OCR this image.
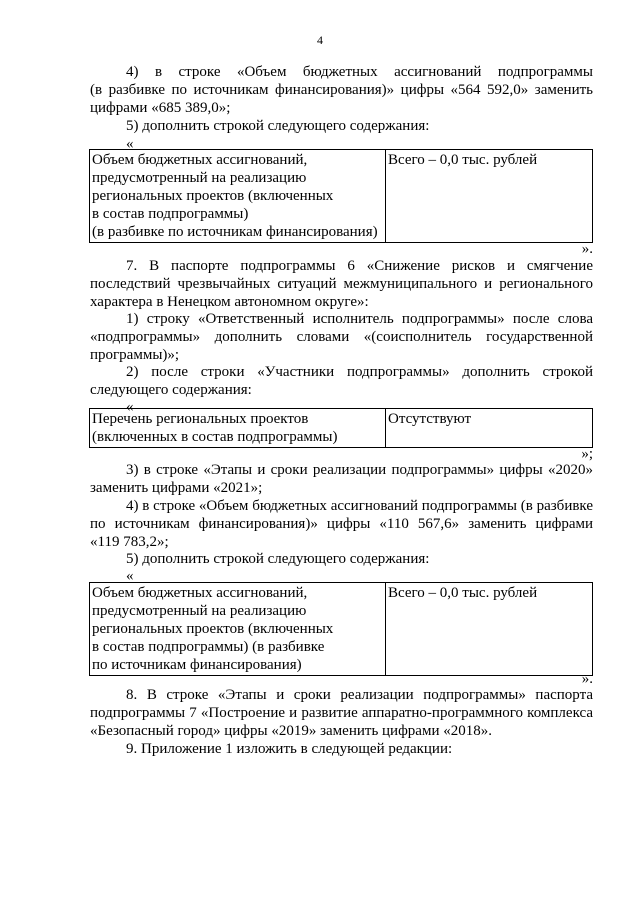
4
4) в строке «Объем бюджетных ассигнований подпрограммы
(в разбивке по источникам финансирования)» цифры «564 592,0» заменить
цифрами «685 389,0»;
5) дополнить строкой следующего содержания:
«
Объем бюджетных ассигнований,
предусмотренный на реализацию
региональных проектов (включенных
в состав подпрограммы)
(в разбивке по источникам финансирования)

Всего – 0,0 тыс. рублей
».
7. В паспорте подпрограммы 6 «Снижение рисков и смягчение
последствий чрезвычайных ситуаций межмуниципального и регионального
характера в Ненецком автономном округе»:
1) строку «Ответственный исполнитель подпрограммы» после слова
«подпрограммы» дополнить словами «(соисполнитель государственной
программы)»;
2) после строки «Участники подпрограммы» дополнить строкой
следующего содержания:
«
Перечень региональных проектов
(включенных в состав подпрограммы)

Отсутствуют
»;
3) в строке «Этапы и сроки реализации подпрограммы» цифры «2020»
заменить цифрами «2021»;
4) в строке «Объем бюджетных ассигнований подпрограммы (в разбивке
по источникам финансирования)» цифры «110 567,6» заменить цифрами
«119 783,2»;
5) дополнить строкой следующего содержания:
«
Объем бюджетных ассигнований,
предусмотренный на реализацию
региональных проектов (включенных
в состав подпрограммы) (в разбивке
по источникам финансирования)

Всего – 0,0 тыс. рублей
».
8. В строке «Этапы и сроки реализации подпрограммы» паспорта
подпрограммы 7 «Построение и развитие аппаратно-программного комплекса
«Безопасный город» цифры «2019» заменить цифрами «2018».
9. Приложение 1 изложить в следующей редакции:
